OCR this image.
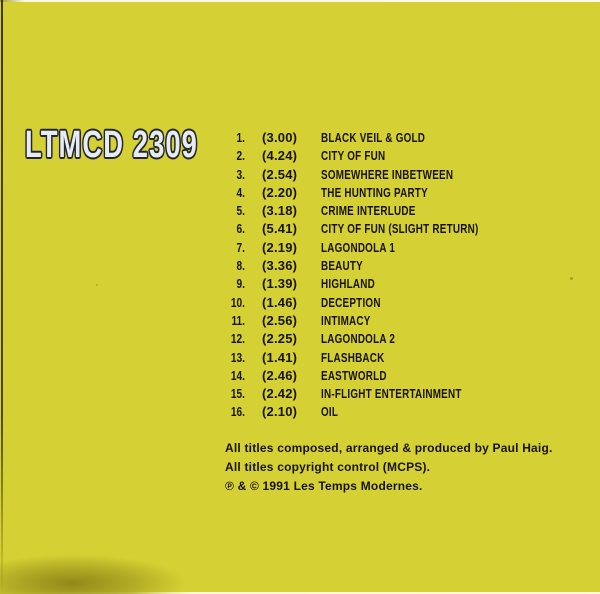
LTMCD 2309	1. (3.00)	BLACK VEIL & GOLD
2. (4.24)	CITY OF FUN
3. (2.54)	SOMEWHERE INBETWEEN
4. (2.20)	THE HUNTING PARTY
5. (3.18)	CRIME INTERLUDE
6. (5.41)	CITY OF FUN (SLIGHT RETURN)
7. (2.19)	LAGONDOLA 1
8. (3.36)	BEAUTY
9. (1.39)	HIGHLAND
10. (1.46)	DECEPTION
11. (2.56)	INTIMACY
12. (2.25)	LAGONDOLA 2
13. (1.41)	FLASHBACK
14. (2.46)	EASTWORLD
15. (2.42)	IN-FLIGHT ENTERTAINMENT
16. (2.10)	OIL

All titles composed, arranged & produced by Paul Haig.

All titles copyright control (MCPS).

℗ & © 1991 Les Temps Modernes.
